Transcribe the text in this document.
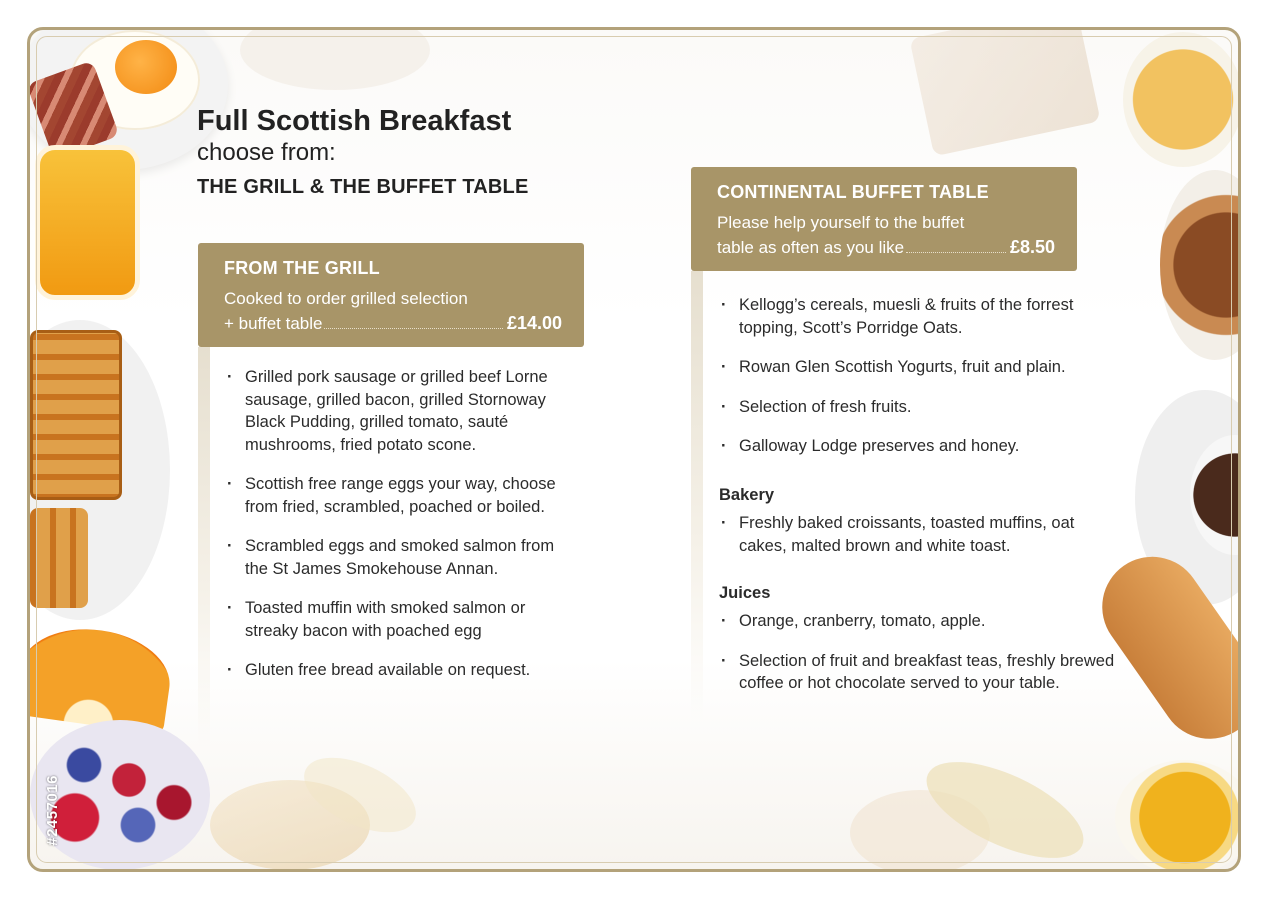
#2457016
Full Scottish Breakfast
choose from:
THE GRILL & THE BUFFET TABLE
FROM THE GRILL
Cooked to order grilled selection
+ buffet table	£14.00
· Grilled pork sausage or grilled beef Lorne sausage, grilled bacon, grilled Stornoway Black Pudding, grilled tomato, sauté mushrooms, fried potato scone.
· Scottish free range eggs your way, choose from fried, scrambled, poached or boiled.
· Scrambled eggs and smoked salmon from the St James Smokehouse Annan.
· Toasted muffin with smoked salmon or streaky bacon with poached egg
· Gluten free bread available on request.
CONTINENTAL BUFFET TABLE
Please help yourself to the buffet
table as often as you like	£8.50
· Kellogg’s cereals, muesli & fruits of the forrest topping, Scott’s Porridge Oats.
· Rowan Glen Scottish Yogurts, fruit and plain.
· Selection of fresh fruits.
· Galloway Lodge preserves and honey.
Bakery
· Freshly baked croissants, toasted muffins, oat cakes, malted brown and white toast.
Juices
· Orange, cranberry, tomato, apple.
· Selection of fruit and breakfast teas, freshly brewed coffee or hot chocolate served to your table.
